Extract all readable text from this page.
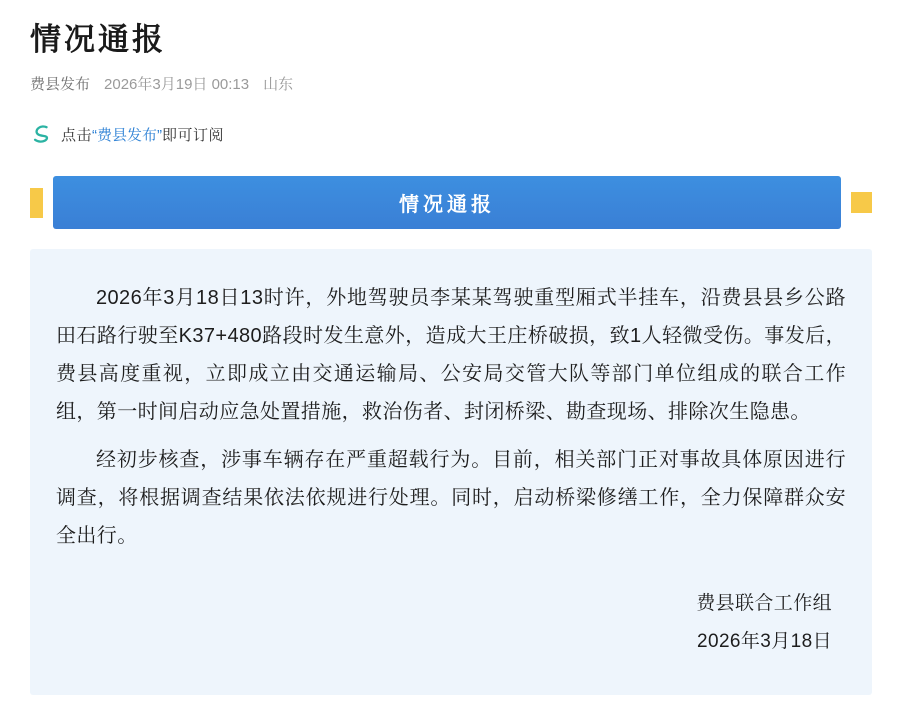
情况通报
费县发布 2026年3月19日 00:13 山东
点击 “费县发布” 即可订阅
情况通报

2026年3月18日13时许，外地驾驶员李某某驾驶重型厢式半挂车，沿费县县乡公路田石路行驶至K37+480路段时发生意外，造成大王庄桥破损，致1人轻微受伤。事发后，费县高度重视，立即成立由交通运输局、公安局交管大队等部门单位组成的联合工作组，第一时间启动应急处置措施，救治伤者、封闭桥梁、勘查现场、排除次生隐患。

经初步核查，涉事车辆存在严重超载行为。目前，相关部门正对事故具体原因进行调查，将根据调查结果依法依规进行处理。同时，启动桥梁修缮工作，全力保障群众安全出行。

费县联合工作组
2026年3月18日
